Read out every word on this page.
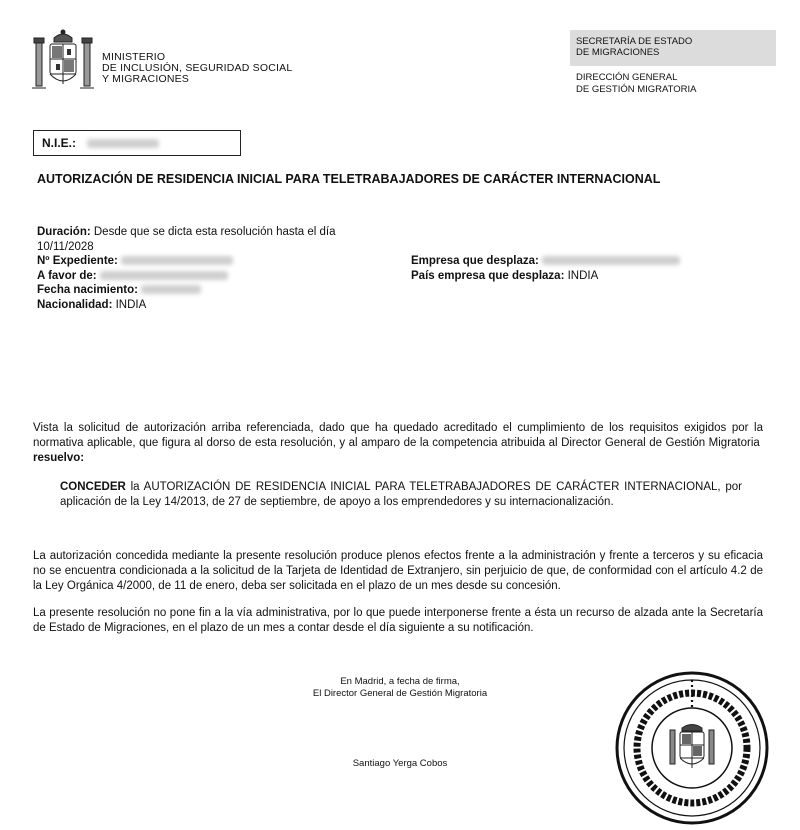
MINISTERIO
DE INCLUSIÓN, SEGURIDAD SOCIAL
Y MIGRACIONES
SECRETARÍA DE ESTADO
DE MIGRACIONES
DIRECCIÓN GENERAL
DE GESTIÓN MIGRATORIA
N.I.E.:
AUTORIZACIÓN DE RESIDENCIA INICIAL PARA TELETRABAJADORES DE CARÁCTER INTERNACIONAL
Duración: Desde que se dicta esta resolución hasta el día
10/11/2028
Nº Expediente:
A favor de:
Fecha nacimiento:
Nacionalidad: INDIA
Empresa que desplaza:
País empresa que desplaza: INDIA
Vista la solicitud de autorización arriba referenciada, dado que ha quedado acreditado el cumplimiento de los requisitos exigidos por la normativa aplicable, que figura al dorso de esta resolución, y al amparo de la competencia atribuida al Director General de Gestión Migratoria  resuelvo:
CONCEDER la AUTORIZACIÓN DE RESIDENCIA INICIAL PARA TELETRABAJADORES DE CARÁCTER INTERNACIONAL, por aplicación de la Ley 14/2013, de 27 de septiembre, de apoyo a los emprendedores y su internacionalización.
La autorización concedida mediante la presente resolución produce plenos efectos frente a la administración y frente a terceros y su eficacia no se encuentra condicionada a la solicitud de la Tarjeta de Identidad de Extranjero, sin perjuicio de que, de conformidad con el artículo 4.2 de la Ley Orgánica 4/2000, de 11 de enero, deba ser solicitada en el plazo de un mes desde su concesión.
La presente resolución no pone fin a la vía administrativa, por lo que puede interponerse frente a ésta un recurso de alzada ante la Secretaría de Estado de Migraciones, en el plazo de un mes a contar desde el día siguiente a su notificación.
En Madrid, a fecha de firma,
El Director General de Gestión Migratoria
Santiago Yerga Cobos
